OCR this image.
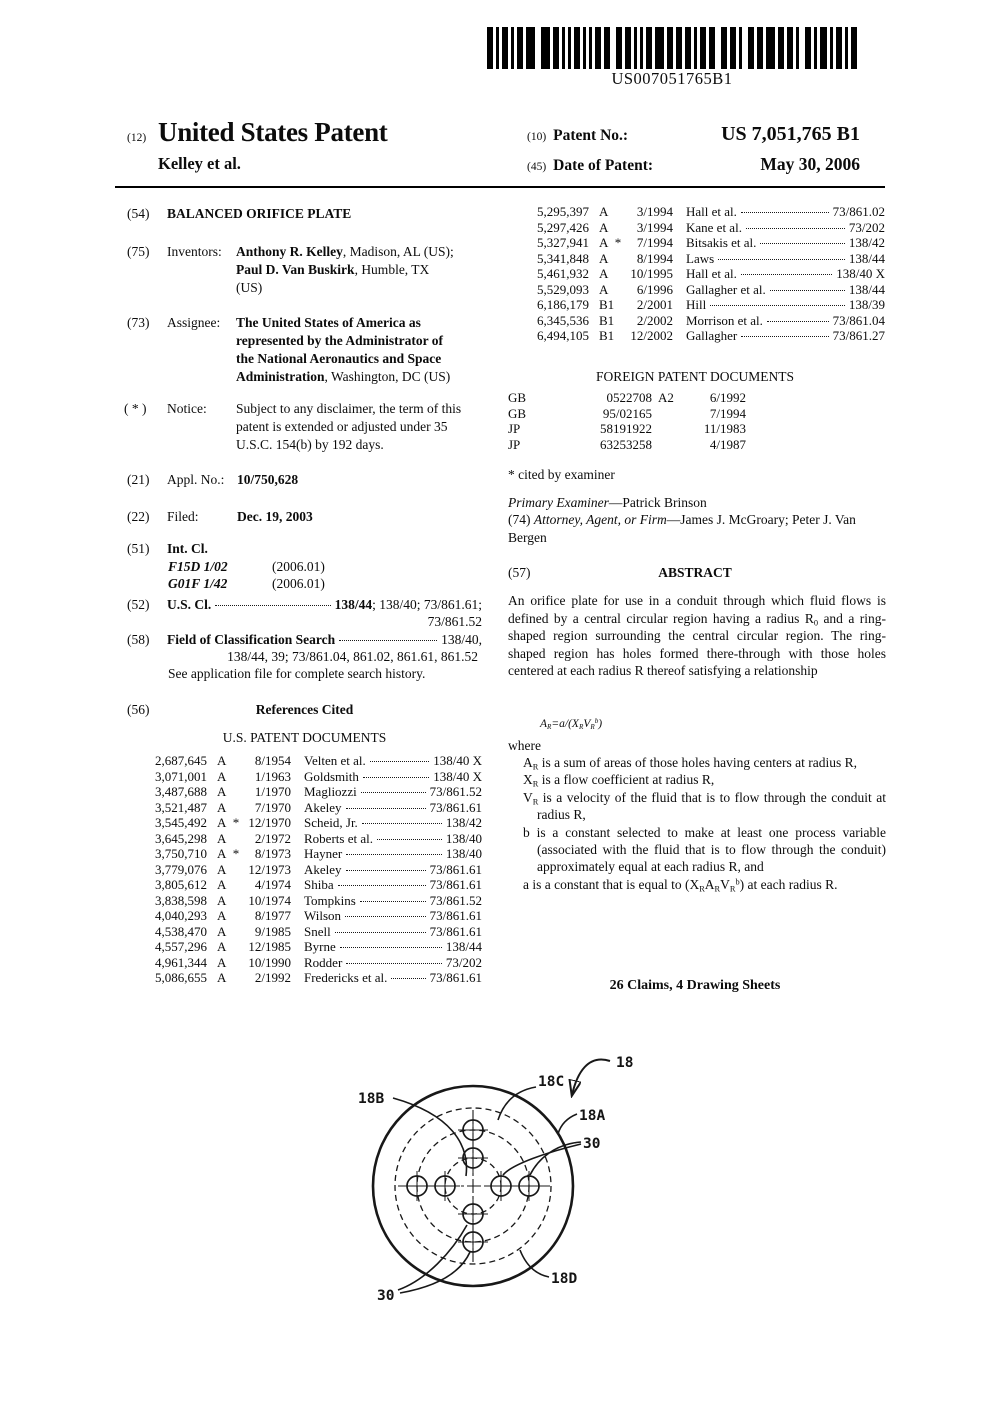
US007051765B1
(12) United States Patent
Kelley et al.
(10) Patent No.:	US 7,051,765 B1
(45) Date of Patent:	May 30, 2006
(54) BALANCED ORIFICE PLATE
(75) Inventors: Anthony R. Kelley, Madison, AL (US);
Paul D. Van Buskirk, Humble, TX
(US)
(73) Assignee: The United States of America as
represented by the Administrator of
the National Aeronautics and Space
Administration, Washington, DC (US)
( * ) Notice: Subject to any disclaimer, the term of this
patent is extended or adjusted under 35
U.S.C. 154(b) by 192 days.
(21) Appl. No.: 10/750,628
(22) Filed:	Dec. 19, 2003
(51) Int. Cl.
F15D 1/02	(2006.01)
G01F 1/42	(2006.01)
(52) U.S. Cl.	138/44; 138/40; 73/861.61;
73/861.52
(58) Field of Classification Search	138/40,
138/44, 39; 73/861.04, 861.02, 861.61, 861.52
See application file for complete search history.
(56)	References Cited
U.S. PATENT DOCUMENTS
2,687,645 A	8/1954 Velten et al.	138/40 X
3,071,001 A	1/1963 Goldsmith	138/40 X
3,487,688 A	1/1970 Magliozzi	73/861.52
3,521,487 A	7/1970 Akeley	73/861.61
3,545,492 A * 12/1970 Scheid, Jr.	138/42
3,645,298 A	2/1972 Roberts et al.	138/40
3,750,710 A *	8/1973 Hayner	138/40
3,779,076 A	12/1973 Akeley	73/861.61
3,805,612 A	4/1974 Shiba	73/861.61
3,838,598 A	10/1974 Tompkins	73/861.52
4,040,293 A	8/1977 Wilson	73/861.61
4,538,470 A	9/1985 Snell	73/861.61
4,557,296 A	12/1985 Byrne	138/44
4,961,344 A	10/1990 Rodder	73/202
5,086,655 A	2/1992 Fredericks et al.	73/861.61
5,295,397 A	3/1994 Hall et al.	73/861.02
5,297,426 A	3/1994 Kane et al.	73/202
5,327,941 A *	7/1994 Bitsakis et al.	138/42
5,341,848 A	8/1994 Laws	138/44
5,461,932 A	10/1995 Hall et al.	138/40 X
5,529,093 A	6/1996 Gallagher et al.	138/44
6,186,179 B1	2/2001 Hill	138/39
6,345,536 B1	2/2002 Morrison et al.	73/861.04
6,494,105 B1	12/2002 Gallagher	73/861.27
FOREIGN PATENT DOCUMENTS
GB	0522708 A2	6/1992
GB	95/02165	7/1994
JP	58191922	11/1983
JP	63253258	4/1987
* cited by examiner
Primary Examiner—Patrick Brinson
(74) Attorney, Agent, or Firm—James J. McGroary; Peter J. Van Bergen
(57)	ABSTRACT
An orifice plate for use in a conduit through which fluid flows is defined by a central circular region having a radius $R_0$ and a ring-shaped region surrounding the central circular region. The ring-shaped region has holes formed there-through with those holes centered at each radius R thereof satisfying a relationship
$A_R=a/(X_RV_R^b)$
where
$A_R$ is a sum of areas of those holes having centers at radius R,
$X_R$ is a flow coefficient at radius R,
$V_R$ is a velocity of the fluid that is to flow through the conduit at radius R,
b is a constant selected to make at least one process variable (associated with the fluid that is to flow through the conduit) approximately equal at each radius R, and
a is a constant that is equal to $(X_RA_RV_R^b)$ at each radius R.
26 Claims, 4 Drawing Sheets
18
18C
18B
18A
30
18D
30
